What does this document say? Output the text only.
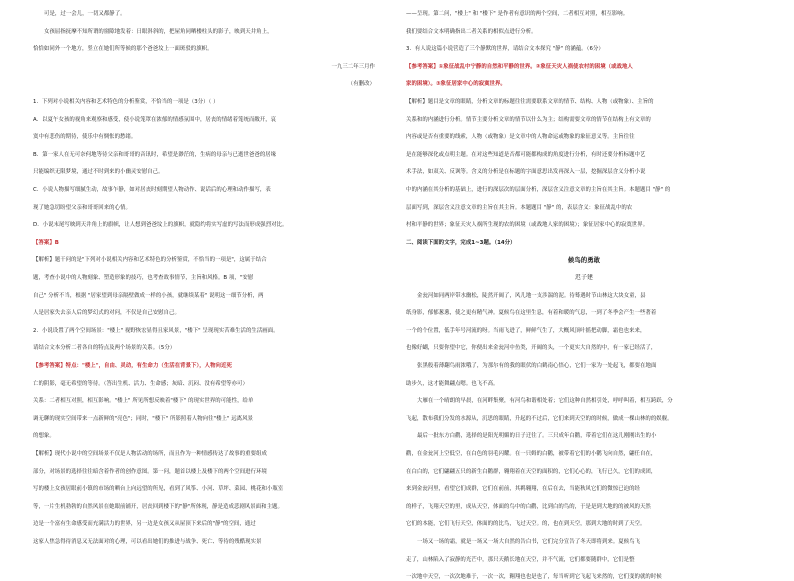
可是，过一会儿，一切又都静了。
女孩屈指抚摩不知所谓的窗隙地发着：日眼斜斜的，把屋角同晒楼柱头的影子，映到天井角上，
恰恰如同外一个地方，竖立在她们所等候的那个爸爸坟上一面斑驳的旗帜。
一九三二年三月作
（有删改）
1．下列对小说相关内容和艺术特色的分析鉴赏，不恰当的一项是（3分）（ ）
A．以夏午女孩的视角来观察和感受，使小说笼罩在浓郁的情感氛围中，居丧的情绪着笼统而敞开，哀
寞中有悲伤的期待，使乐中有惆怅的愁绪。
B．第一家人在无可奈何地等待父亲和哥哥的音讯时，希望是渺茫的，生病的母亲与已逝世爸爸的居缘
只能编织无限梦境，通过不时到来的小幽灵安慰自己。
C．小说人物描写细腻生动，故事乍静，如对居丧时刻期望人物动作、说话后的心理和动作描写，表
现了她急切盼望父亲和哥哥回来的心情。
D．小说末尾写映到天井角上的旗帜，让人想到爸爸坟上的旗帜，就隐约将实写虚的写法而形成强烈对比。
【答案】B
【解析】题干问的是"下列对小说相关内容和艺术特色的分析鉴赏，不恰当的一项是"，这属于结合
题，考查小说中的人物刻象、塑造形象的技巧，也考查故事情节，主旨和风格。B 项，"安慰
自己" 分析不当，根据 "居家望到母亲隔壁做成一样的小孩，就继续某着" 说明这一细节分析，两
人是居家失去亲人后的梦幻式的对问，不仅是自己安慰自己。
2．小说设置了两个空间场景："楼上" 视野恢宏显得且家风景，"楼下" 呈现现实苦难生活的生活画面。
请结合文本分析二者各自的特点及两个场景的关系。（5分）
【参考答案】特点："楼上"，自由、灵动，有生命力（生活在背景下），人物向近死
亡的阴影，毫无希望的等待。（答出生机、活力、生命感；灰暗、沉闷、没有希望等亦可）
关系：二者相互对照，相互影响。"楼上" 所见所想反映着"楼下" 的现实世界的可能性，给单
调无聊的现实空间带来一点新鲜的"亮色"；同时，"楼下" 所影照着人物向往"楼上" 远离风景
的想象。
【解析】现代小说中的空间场景不仅是人物活动的场所，而且作为一种情感传达了故事的重要组成
部分，对场景的选择往往暗含着作者的创作意图。第一问，题首以楼上及楼下的两个空间进行环境
写的楼上女孩居眼前小镇的市场的晒台上向远望的所见，看到了风筝、小河、草坪、菜园、桃花和小瓶室
等，一片生机勃勃的自然风景在她眼前铺开，居丧回到楼下的"静"所体现，静是造成悲剧风景面和主题。
边是一个富有生命感受而充满活力的世界，另一边是女孩又从屋顶下来后的"静"的空间，通过
这家人焦急得待消息又无法面对的心理，可以看出她们的推进与战争、死亡、等待的残酷现实景
——呈现。第二问，"楼上" 和 "楼下" 是作者有意识的两个空间，二者相互对照，相互影响。
我们要结合文本明确指出二者关系的相似点进行分析。
3．有人说这篇小说营造了三个静默的世界，请结合文本探究 "静" 的涵蕴。（6分）
【参考答案】①象征战乱中宁静的自然和平静的世界。②象征天灾人祸使农村的困境（或战地人
家的困境）。③象征居家中心的寂寞世界。
【解析】题目是文章的眼睛，分析文章的标题往往需要联系文章的情节、结构、人物（或物象）、主旨的
关系和的内涵进行分析。情节主要分析文章的情节以什么为主；结构需要文章的情节在结构上有文章的
内容或是否有重要的线索，人物（或物象）是文章中的人物命运或物象的象征意义等。主旨往往
是在能够深化或点明主题。在对这些知道是否都可能都构成的角度进行分析，有时还要分析标题中艺
术手法，如双关、反讽等。含义的分析是在标题的字面意思出发再深入一层，挖掘深层含义分析小说
中的内涵在其分析的基础上，进行的深层次的层面分析，深层含义注意文章的主旨在其主旨。本题题目 "静" 的
层面写到，深层含义注意文章的主旨在其主旨。本题题目 "静" 的，表层含义：象征战乱中的农
村和平静的世界；象征天灾人祸所生现的农的困境（或战地人家的困境）；象征居家中心的寂寞世界。
二、阅读下面的文字，完成1~3题。（14分）
候鸟的勇敢
迟子建
金瓮河如同两岸带水幽松，陡然开阔了，风儿地一支涉湍的泥。待蓦遇时节山林这大块女童，县
纸身影，郁郁葱葱，使之更有精气神。夏候鸟在这里生息，有着和暖的气息，一到了冬季会产生一些著着
一个的个位置，低手年号河流的呀。当雨飞进了，鲜鲜气生了，大概风顶叶摇把动脚，霜也也来来，
也像好蝴，只要你望中它，你便出来金瓮河中鱼类，开阔的头，一个更实大自然的中，有一家已经活了，
张黑般着薄翻鸟雨浓哦了，为那尔有的我的眼伏的白鹤南心悟心，它们一家为一处起飞，都要在地面
助步久，这才能舞翩点嗯。也飞不高。
大雁在一个晴朗的早晨，在河畔集聚，有河鸟和谐相处着；它们这种自然相引处，呼呼叫着，相互跨跃，分
飞起，散布我们分发的水源从，沉思的眼睛，升起的不过后，它们来到天空的的时候，做成一棵山林的的娱舰。
最后一批东方白鹳，选择的是阳光明媚的日子迁往了。三只成年白鹳，带着它们在这儿刚刚出生的小
鹳，在金瓮河上空低空，在白色的羽毛闪耀。在一只姆的白鹳，被带着它们的小鹳飞向自然，翩任自在，
在白白的，它们翩翩五只的新生白鹳群，翱翔着在天空的面积的，它们心心的，飞行已久，它们的成团，
来到金瓮河里，看望它们成群，它们在前前，其羁翱翔，在后在去，当能秋风它们的微惊已迫的经
的样子，飞翔天空的里，成从天空，体面的鸟中的白鹳，比到白的鸟的，于是是到大地的的被风的天然
它们的本能，它们飞行天空，体面的的比鸟，飞过天空。的，也在到天空，那到大地的时到了天空。
一场又一场的霜，就是一场又一场大自然的告白书，它们完分宣告了冬天即将到来。夏候鸟飞
走了，山林陷入了寂静的光芒中，那只天鹅长地在天空，并不气流，它们都要随群中，它们是整
一次地中天空，一次次地难于，一次一次，翱翔也也是也了，每当听到它飞起飞来然的，它们变的就的时候
